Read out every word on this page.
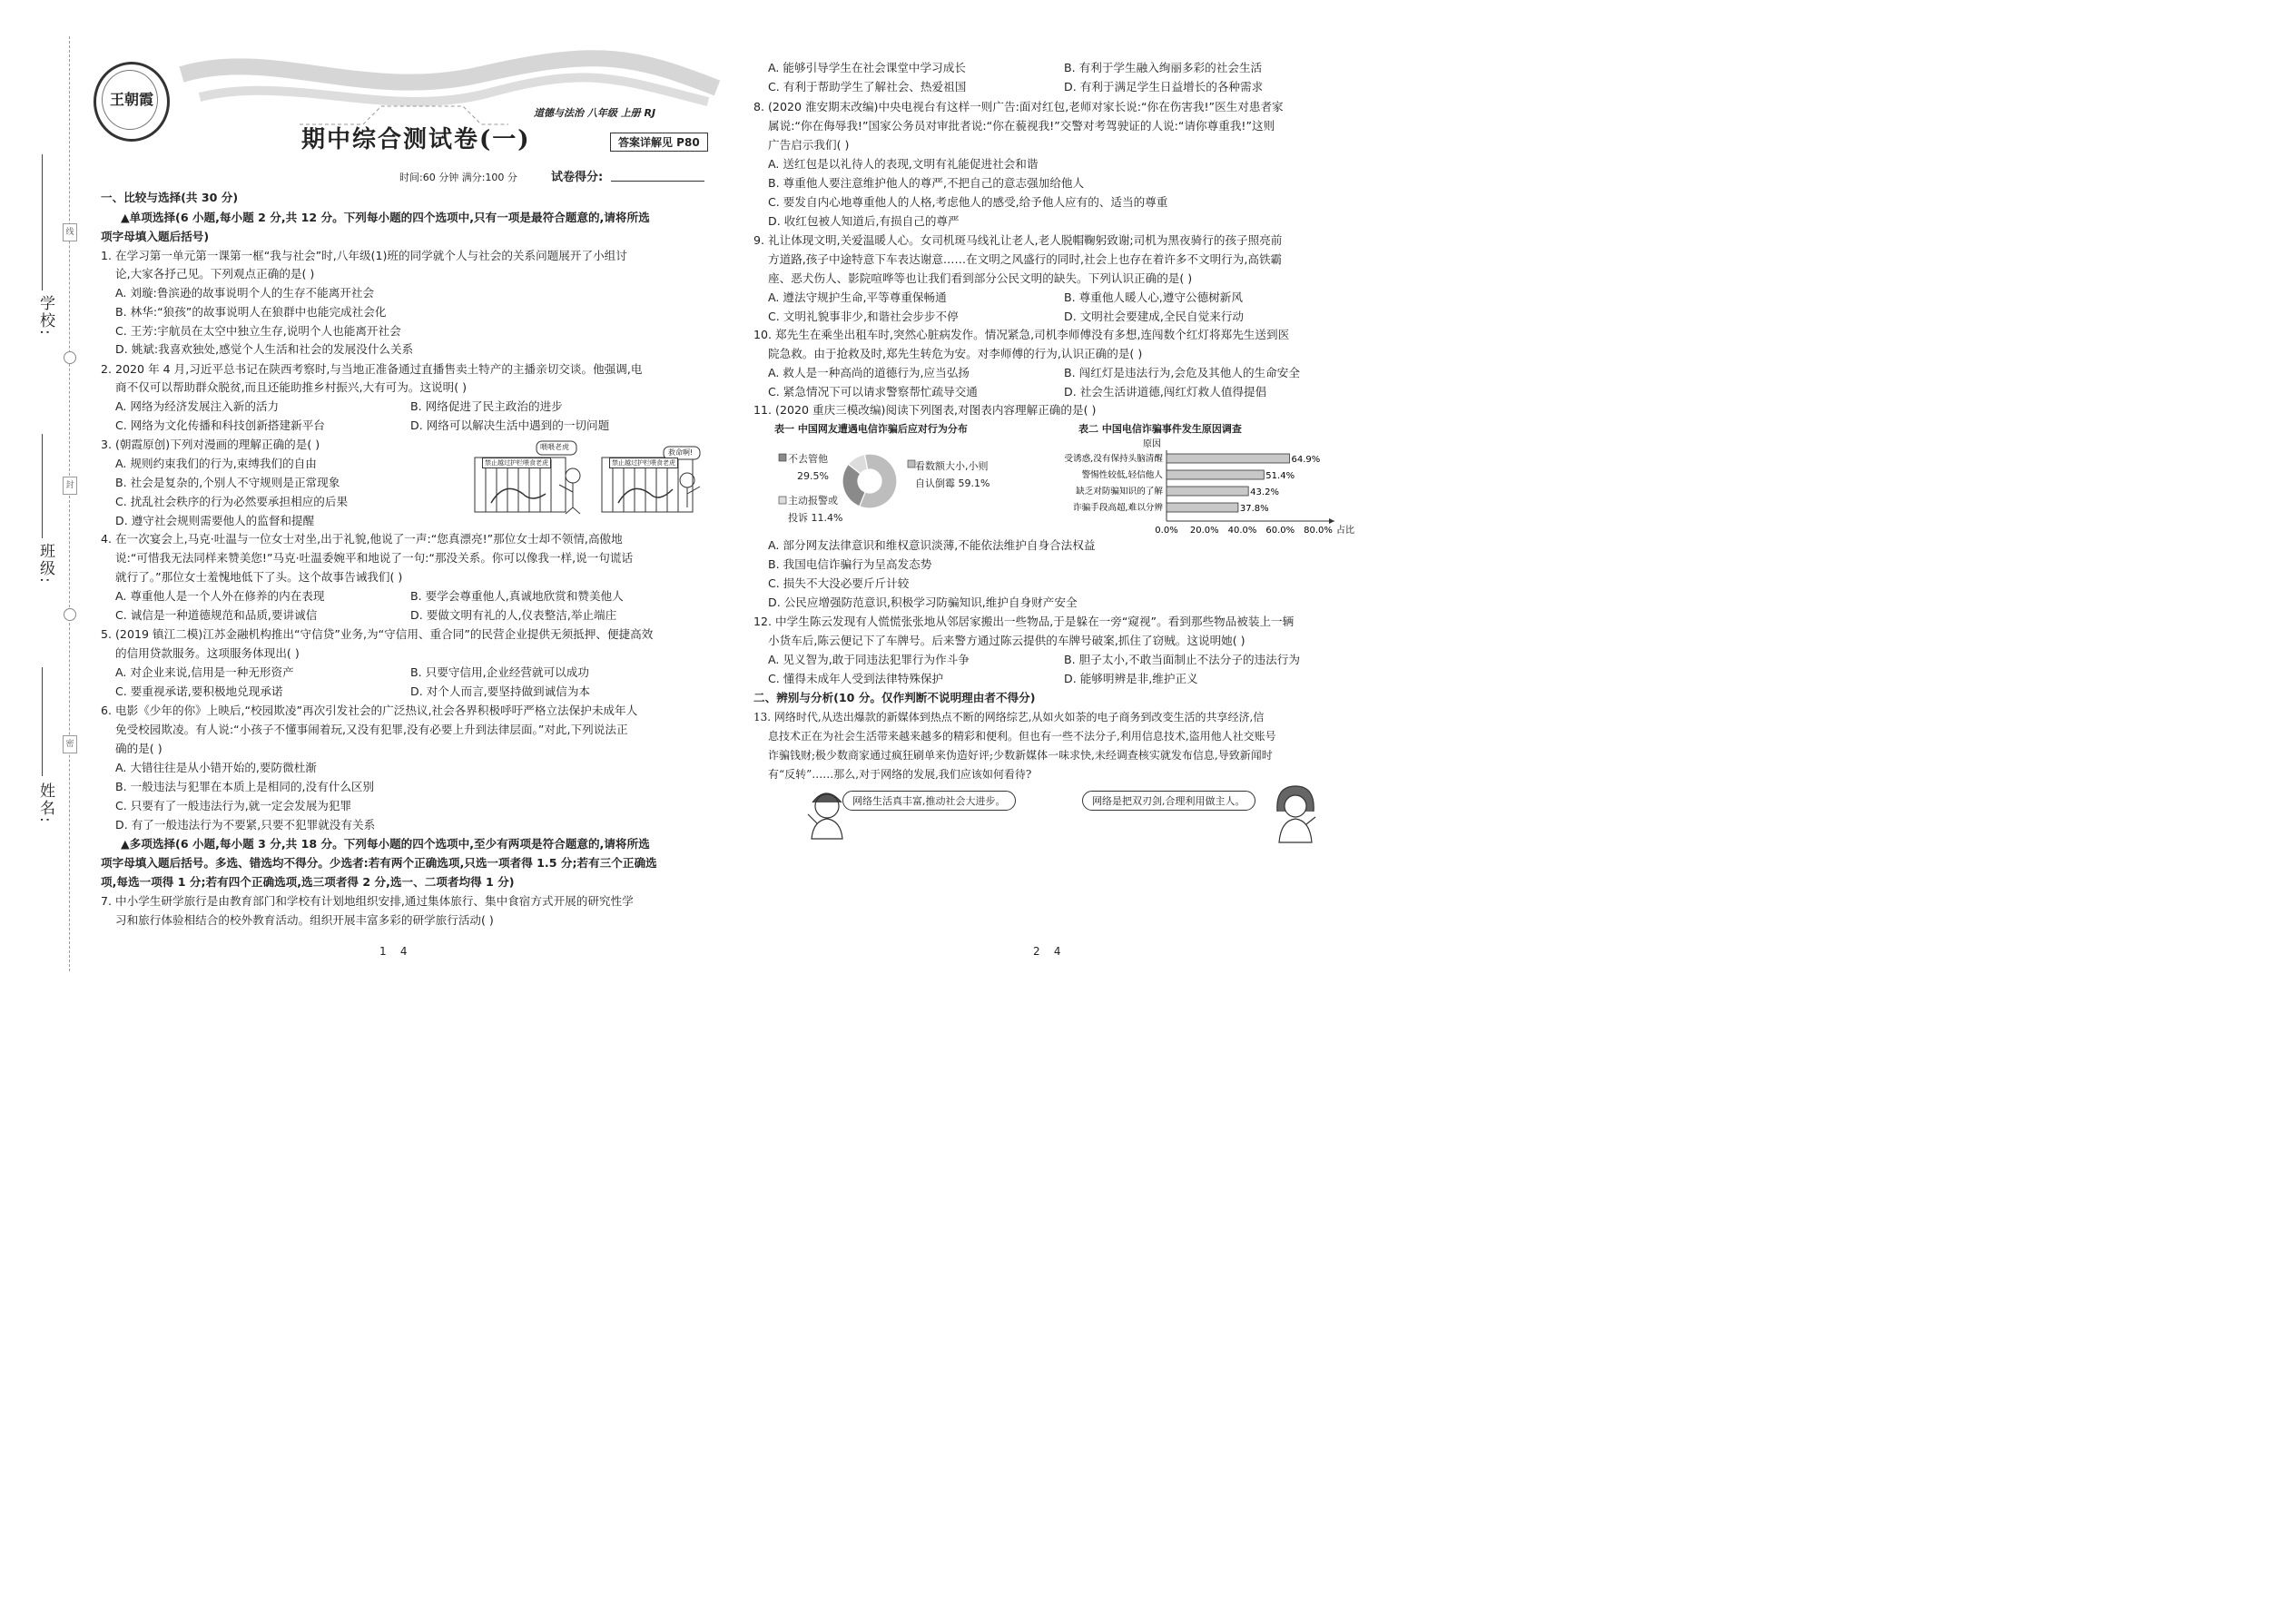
线
封
密
学校:
班级:
姓名:
王朝霞
道德与法治 八年级 上册 RJ
期中综合测试卷(一)	答案详解见 P80
时间:60 分钟 满分:100 分	试卷得分:
一、比较与选择(共 30 分)
▲单项选择(6 小题,每小题 2 分,共 12 分。下列每小题的四个选项中,只有一项是最符合题意的,请将所选
项字母填入题后括号)
1. 在学习第一单元第一课第一框“我与社会”时,八年级(1)班的同学就个人与社会的关系问题展开了小组讨
论,大家各抒己见。下列观点正确的是( )
A. 刘璇:鲁滨逊的故事说明个人的生存不能离开社会
B. 林华:“狼孩”的故事说明人在狼群中也能完成社会化
C. 王芳:宇航员在太空中独立生存,说明个人也能离开社会
D. 姚斌:我喜欢独处,感觉个人生活和社会的发展没什么关系
2. 2020 年 4 月,习近平总书记在陕西考察时,与当地正准备通过直播售卖土特产的主播亲切交谈。他强调,电
商不仅可以帮助群众脱贫,而且还能助推乡村振兴,大有可为。这说明( )
A. 网络为经济发展注入新的活力	B. 网络促进了民主政治的进步
C. 网络为文化传播和科技创新搭建新平台	D. 网络可以解决生活中遇到的一切问题
3. (朝霞原创)下列对漫画的理解正确的是( )
A. 规则约束我们的行为,束缚我们的自由
B. 社会是复杂的,个别人不守规则是正常现象
C. 扰乱社会秩序的行为必然要承担相应的后果
D. 遵守社会规则需要他人的监督和提醒
禁止越过护栏喂食老虎	禁止越过护栏喂食老虎
喂喂老虎
救命啊!
4. 在一次宴会上,马克·吐温与一位女士对坐,出于礼貌,他说了一声:“您真漂亮!”那位女士却不领情,高傲地
说:“可惜我无法同样来赞美您!”马克·吐温委婉平和地说了一句:“那没关系。你可以像我一样,说一句谎话
就行了。”那位女士羞愧地低下了头。这个故事告诫我们( )
A. 尊重他人是一个人外在修养的内在表现	B. 要学会尊重他人,真诚地欣赏和赞美他人
C. 诚信是一种道德规范和品质,要讲诚信	D. 要做文明有礼的人,仪表整洁,举止端庄
5. (2019 镇江二模)江苏金融机构推出“守信贷”业务,为“守信用、重合同”的民营企业提供无须抵押、便捷高效
的信用贷款服务。这项服务体现出( )
A. 对企业来说,信用是一种无形资产	B. 只要守信用,企业经营就可以成功
C. 要重视承诺,要积极地兑现承诺	D. 对个人而言,要坚持做到诚信为本
6. 电影《少年的你》上映后,“校园欺凌”再次引发社会的广泛热议,社会各界积极呼吁严格立法保护未成年人
免受校园欺凌。有人说:“小孩子不懂事闹着玩,又没有犯罪,没有必要上升到法律层面。”对此,下列说法正
确的是( )
A. 大错往往是从小错开始的,要防微杜渐
B. 一般违法与犯罪在本质上是相同的,没有什么区别
C. 只要有了一般违法行为,就一定会发展为犯罪
D. 有了一般违法行为不要紧,只要不犯罪就没有关系
▲多项选择(6 小题,每小题 3 分,共 18 分。下列每小题的四个选项中,至少有两项是符合题意的,请将所选
项字母填入题后括号。多选、错选均不得分。少选者:若有两个正确选项,只选一项者得 1.5 分;若有三个正确选
项,每选一项得 1 分;若有四个正确选项,选三项者得 2 分,选一、二项者均得 1 分)
7. 中小学生研学旅行是由教育部门和学校有计划地组织安排,通过集体旅行、集中食宿方式开展的研究性学
习和旅行体验相结合的校外教育活动。组织开展丰富多彩的研学旅行活动( )
1    4
A. 能够引导学生在社会课堂中学习成长	B. 有利于学生融入绚丽多彩的社会生活
C. 有利于帮助学生了解社会、热爱祖国	D. 有利于满足学生日益增长的各种需求
8. (2020 淮安期末改编)中央电视台有这样一则广告:面对红包,老师对家长说:“你在伤害我!”医生对患者家
属说:“你在侮辱我!”国家公务员对审批者说:“你在藐视我!”交警对考驾驶证的人说:“请你尊重我!”这则
广告启示我们( )
A. 送红包是以礼待人的表现,文明有礼能促进社会和谐
B. 尊重他人要注意维护他人的尊严,不把自己的意志强加给他人
C. 要发自内心地尊重他人的人格,考虑他人的感受,给予他人应有的、适当的尊重
D. 收红包被人知道后,有损自己的尊严
9. 礼让体现文明,关爱温暖人心。女司机斑马线礼让老人,老人脱帽鞠躬致谢;司机为黑夜骑行的孩子照亮前
方道路,孩子中途特意下车表达谢意……在文明之风盛行的同时,社会上也存在着许多不文明行为,高铁霸
座、恶犬伤人、影院喧哗等也让我们看到部分公民文明的缺失。下列认识正确的是( )
A. 遵法守规护生命,平等尊重保畅通	B. 尊重他人暖人心,遵守公德树新风
C. 文明礼貌事非少,和谐社会步步不停	D. 文明社会要建成,全民自觉来行动
10. 郑先生在乘坐出租车时,突然心脏病发作。情况紧急,司机李师傅没有多想,连闯数个红灯将郑先生送到医
院急救。由于抢救及时,郑先生转危为安。对李师傅的行为,认识正确的是( )
A. 救人是一种高尚的道德行为,应当弘扬	B. 闯红灯是违法行为,会危及其他人的生命安全
C. 紧急情况下可以请求警察帮忙疏导交通	D. 社会生活讲道德,闯红灯救人值得提倡
11. (2020 重庆三模改编)阅读下列图表,对图表内容理解正确的是( )
表一 中国网友遭遇电信诈骗后应对行为分布
不去管他
29.5%
主动报警或
投诉 11.4%
看数额大小,小则
自认倒霉 59.1%
表二 中国电信诈骗事件发生原因调查
原因
受诱惑,没有保持头脑清醒	64.9%
警惕性较低,轻信他人	51.4%
缺乏对防骗知识的了解	43.2%
诈骗手段高超,难以分辨	37.8%
0.0% 20.0% 40.0% 60.0% 80.0% 占比
A. 部分网友法律意识和维权意识淡薄,不能依法维护自身合法权益
B. 我国电信诈骗行为呈高发态势
C. 损失不大没必要斤斤计较
D. 公民应增强防范意识,积极学习防骗知识,维护自身财产安全
12. 中学生陈云发现有人慌慌张张地从邻居家搬出一些物品,于是躲在一旁“窥视”。看到那些物品被装上一辆
小货车后,陈云便记下了车牌号。后来警方通过陈云提供的车牌号破案,抓住了窃贼。这说明她( )
A. 见义智为,敢于同违法犯罪行为作斗争	B. 胆子太小,不敢当面制止不法分子的违法行为
C. 懂得未成年人受到法律特殊保护	D. 能够明辨是非,维护正义
二、辨别与分析(10 分。仅作判断不说明理由者不得分)
13. 网络时代,从迭出爆款的新媒体到热点不断的网络综艺,从如火如荼的电子商务到改变生活的共享经济,信
息技术正在为社会生活带来越来越多的精彩和便利。但也有一些不法分子,利用信息技术,盗用他人社交账号
诈骗钱财;极少数商家通过疯狂刷单来伪造好评;少数新媒体一味求快,未经调查核实就发布信息,导致新闻时
有“反转”……那么,对于网络的发展,我们应该如何看待?
网络生活真丰富,推动社会大进步。	网络是把双刃剑,合理利用做主人。
2    4
